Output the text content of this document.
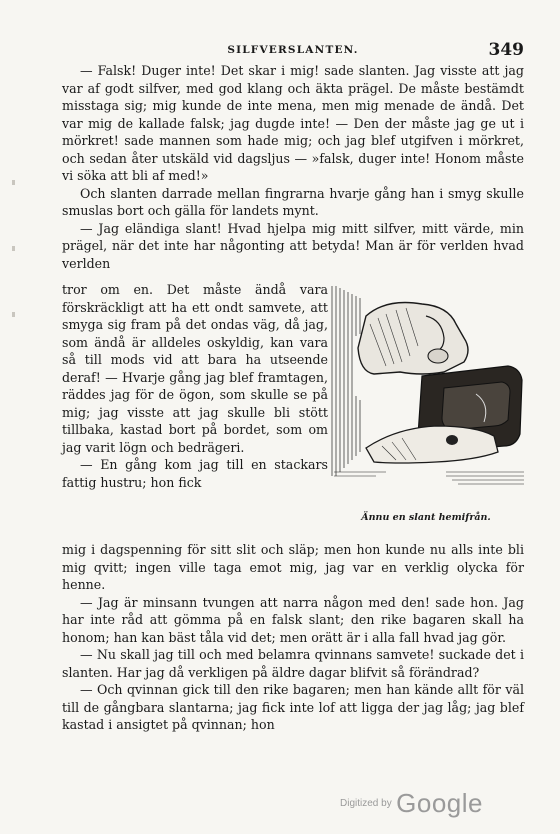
SILFVERSLANTEN.	349

— Falsk! Duger inte! Det skar i mig! sade slanten. Jag visste att jag var af godt silfver, med god klang och äkta prägel. De måste bestämdt misstaga sig; mig kunde de inte mena, men mig menade de ändå. Det var mig de kallade falsk; jag dugde inte! — Den der måste jag ge ut i mörkret! sade mannen som hade mig; och jag blef utgifven i mörkret, och sedan åter utskäld vid dagsljus — »falsk, duger inte! Honom måste vi söka att bli af med!»

Och slanten darrade mellan fingrarna hvarje gång han i smyg skulle smuslas bort och gälla för landets mynt.

— Jag eländiga slant! Hvad hjelpa mig mitt silfver, mitt värde, min prägel, när det inte har någonting att betyda! Man är för verlden hvad verlden

tror om en. Det måste ändå vara förskräckligt att ha ett ondt samvete, att smyga sig fram på det ondas väg, då jag, som ändå är alldeles oskyldig, kan vara så till mods vid att bara ha utseende deraf! — Hvarje gång jag blef framtagen, räddes jag för de ögon, som skulle se på mig; jag visste att jag skulle bli stött tillbaka, kastad bort på bordet, som om jag varit lögn och bedrägeri.

— En gång kom jag till en stackars fattig hustru; hon fick

Ännu en slant hemifrån.

mig i dagspenning för sitt slit och släp; men hon kunde nu alls inte bli mig qvitt; ingen ville taga emot mig, jag var en verklig olycka för henne.

— Jag är minsann tvungen att narra någon med den! sade hon. Jag har inte råd att gömma på en falsk slant; den rike bagaren skall ha honom; han kan bäst tåla vid det; men orätt är i alla fall hvad jag gör.

— Nu skall jag till och med belamra qvinnans samvete! suckade det i slanten. Har jag då verkligen på äldre dagar blifvit så förändrad?

— Och qvinnan gick till den rike bagaren; men han kände allt för väl till de gångbara slantarna; jag fick inte lof att ligga der jag låg; jag blef kastad i ansigtet på qvinnan; hon

Digitized by Google
